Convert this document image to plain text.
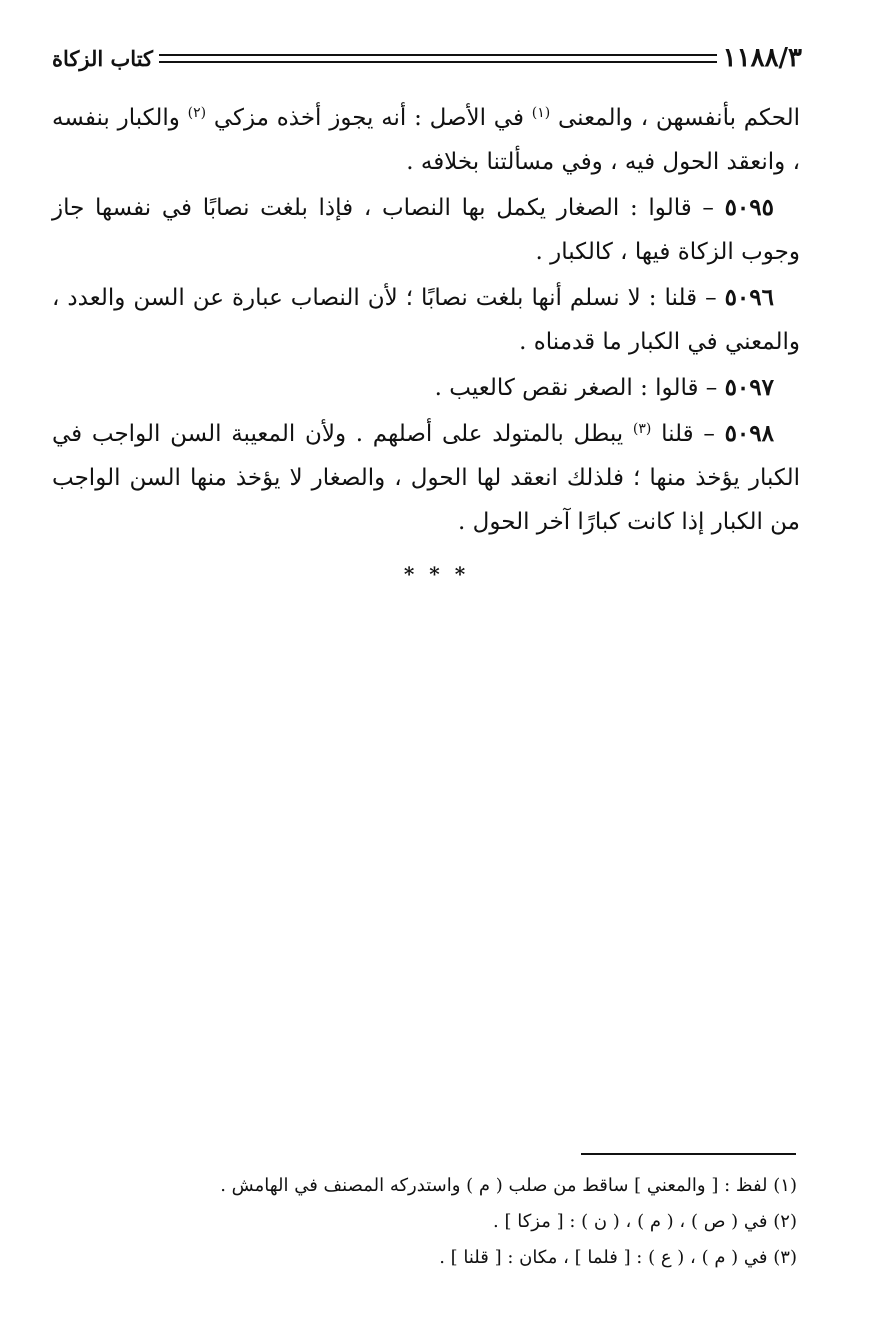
١١٨٨/٣
كتاب الزكاة

الحكم بأنفسهن ، والمعنى $^{(١)}$ في الأصل : أنه يجوز أخذه مزكي $^{(٢)}$ والكبار بنفسه ، وانعقد الحول فيه ، وفي مسألتنا بخلافه .

٥٠٩٥ – قالوا : الصغار يكمل بها النصاب ، فإذا بلغت نصابًا في نفسها جاز وجوب الزكاة فيها ، كالكبار .

٥٠٩٦ – قلنا : لا نسلم أنها بلغت نصابًا ؛ لأن النصاب عبارة عن السن والعدد ، والمعني في الكبار ما قدمناه .

٥٠٩٧ – قالوا : الصغر نقص كالعيب .

٥٠٩٨ – قلنا $^{(٣)}$ يبطل بالمتولد على أصلهم . ولأن المعيبة السن الواجب في الكبار يؤخذ منها ؛ فلذلك انعقد لها الحول ، والصغار لا يؤخذ منها السن الواجب من الكبار إذا كانت كبارًا آخر الحول .

* * *
(١) لفظ : [ والمعني ] ساقط من صلب ( م ) واستدركه المصنف في الهامش .
(٢) في ( ص ) ، ( م ) ، ( ن ) : [ مزكا ] .
(٣) في ( م ) ، ( ع ) : [ فلما ] ، مكان : [ قلنا ] .
